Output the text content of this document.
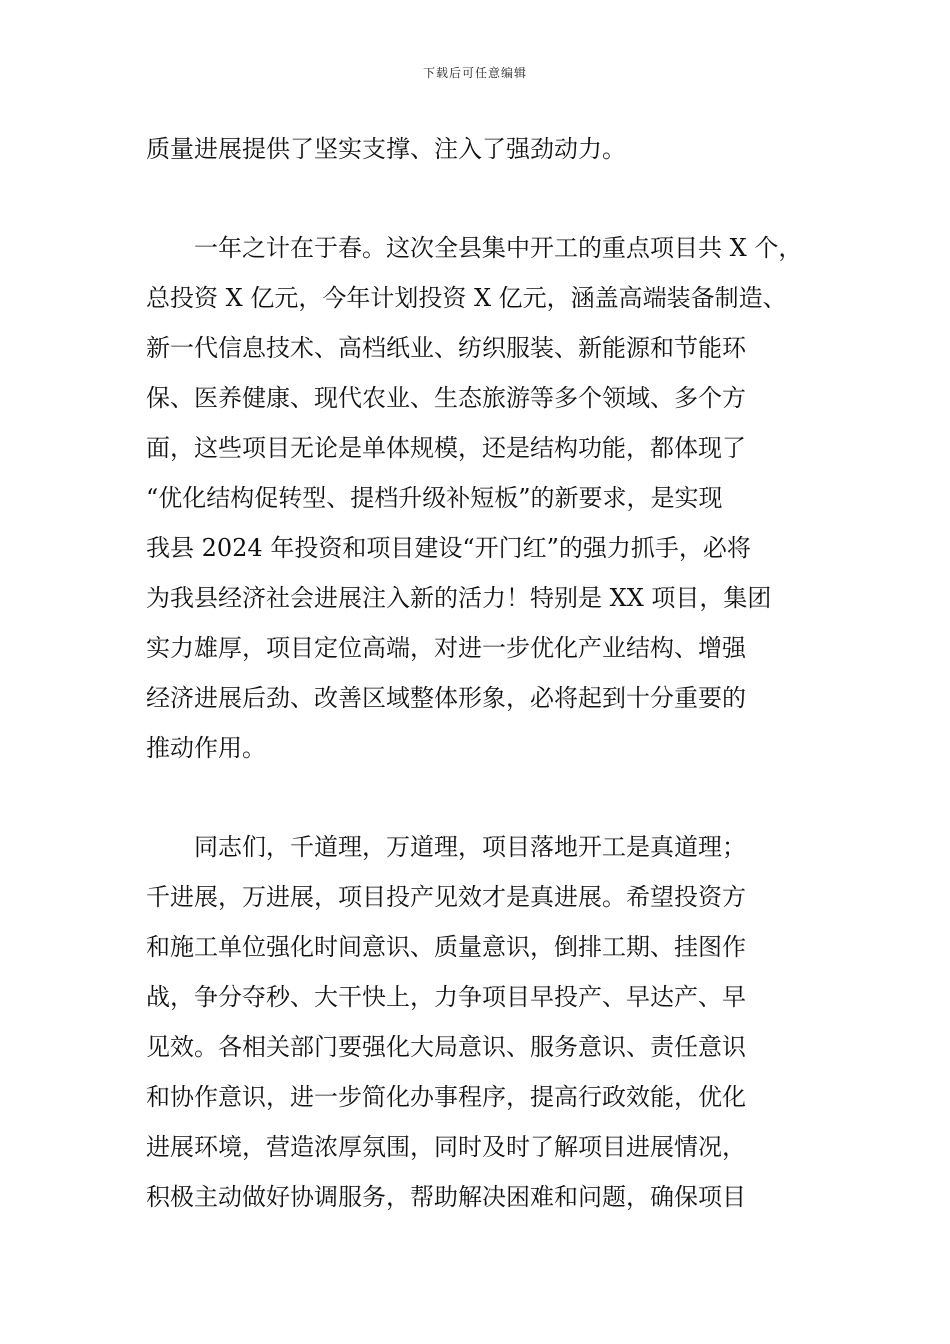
下载后可任意编辑
质量进展提供了坚实支撑、注入了强劲动力。
一年之计在于春。这次全县集中开工的重点项目共 X 个，
总投资 X 亿元，今年计划投资 X 亿元，涵盖高端装备制造、
新一代信息技术、高档纸业、纺织服装、新能源和节能环
保、医养健康、现代农业、生态旅游等多个领域、多个方
面，这些项目无论是单体规模，还是结构功能，都体现了
“优化结构促转型、提档升级补短板”的新要求，是实现
我县 2024 年投资和项目建设“开门红”的强力抓手，必将
为我县经济社会进展注入新的活力！特别是 XX 项目，集团
实力雄厚，项目定位高端，对进一步优化产业结构、增强
经济进展后劲、改善区域整体形象，必将起到十分重要的
推动作用。
同志们，千道理，万道理，项目落地开工是真道理；
千进展，万进展，项目投产见效才是真进展。希望投资方
和施工单位强化时间意识、质量意识，倒排工期、挂图作
战，争分夺秒、大干快上，力争项目早投产、早达产、早
见效。各相关部门要强化大局意识、服务意识、责任意识
和协作意识，进一步简化办事程序，提高行政效能，优化
进展环境，营造浓厚氛围，同时及时了解项目进展情况，
积极主动做好协调服务，帮助解决困难和问题，确保项目
